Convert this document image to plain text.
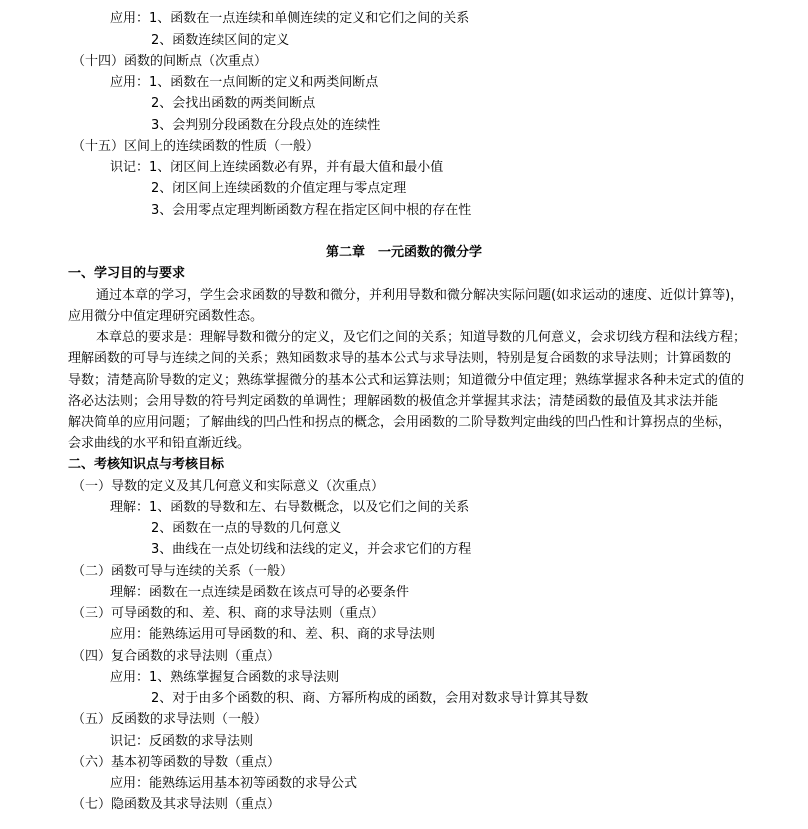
应用：1、函数在一点连续和单侧连续的定义和它们之间的关系
2、函数连续区间的定义
（十四）函数的间断点（次重点）
应用：1、函数在一点间断的定义和两类间断点
2、会找出函数的两类间断点
3、会判别分段函数在分段点处的连续性
（十五）区间上的连续函数的性质（一般）
识记：1、闭区间上连续函数必有界，并有最大值和最小值
2、闭区间上连续函数的介值定理与零点定理
3、会用零点定理判断函数方程在指定区间中根的存在性
第二章　一元函数的微分学
一、学习目的与要求
通过本章的学习，学生会求函数的导数和微分，并利用导数和微分解决实际问题(如求运动的速度、近似计算等)，
应用微分中值定理研究函数性态。
本章总的要求是：理解导数和微分的定义，及它们之间的关系；知道导数的几何意义，会求切线方程和法线方程；
理解函数的可导与连续之间的关系；熟知函数求导的基本公式与求导法则，特别是复合函数的求导法则；计算函数的
导数；清楚高阶导数的定义；熟练掌握微分的基本公式和运算法则；知道微分中值定理；熟练掌握求各种未定式的值的
洛必达法则；会用导数的符号判定函数的单调性；理解函数的极值念并掌握其求法；清楚函数的最值及其求法并能
解决简单的应用问题；了解曲线的凹凸性和拐点的概念，会用函数的二阶导数判定曲线的凹凸性和计算拐点的坐标，
会求曲线的水平和铅直渐近线。
二、考核知识点与考核目标
（一）导数的定义及其几何意义和实际意义（次重点）
理解：1、函数的导数和左、右导数概念，以及它们之间的关系
2、函数在一点的导数的几何意义
3、曲线在一点处切线和法线的定义，并会求它们的方程
（二）函数可导与连续的关系（一般）
理解：函数在一点连续是函数在该点可导的必要条件
（三）可导函数的和、差、积、商的求导法则（重点）
应用：能熟练运用可导函数的和、差、积、商的求导法则
（四）复合函数的求导法则（重点）
应用：1、熟练掌握复合函数的求导法则
2、对于由多个函数的积、商、方幂所构成的函数，会用对数求导计算其导数
（五）反函数的求导法则（一般）
识记：反函数的求导法则
（六）基本初等函数的导数（重点）
应用：能熟练运用基本初等函数的求导公式
（七）隐函数及其求导法则（重点）
